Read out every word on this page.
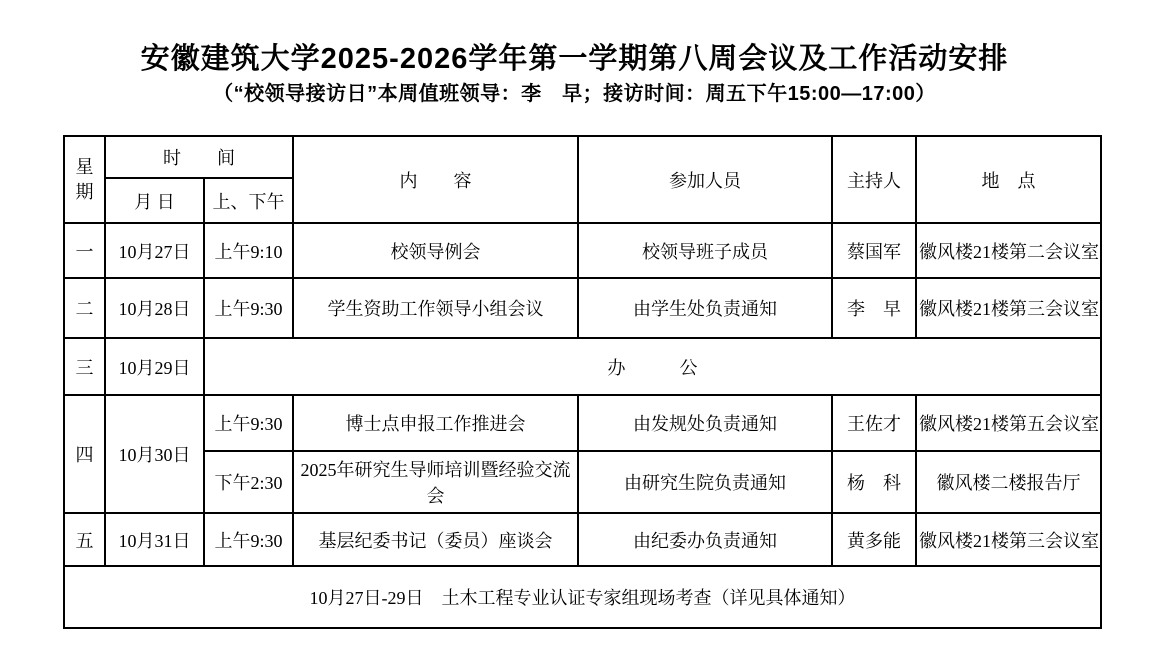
安徽建筑大学2025-2026学年第一学期第八周会议及工作活动安排
（“校领导接访日”本周值班领导：李　早；接访时间：周五下午15:00—17:00）
星期	时　　间		内　　容	参加人员	主持人	地　点
	月 日	上、下午				
一	10月27日	上午9:10	校领导例会	校领导班子成员	蔡国军	徽风楼21楼第二会议室
二	10月28日	上午9:30	学生资助工作领导小组会议	由学生处负责通知	李　早	徽风楼21楼第三会议室
三	10月29日	办　　　公				
四	10月30日	上午9:30	博士点申报工作推进会	由发规处负责通知	王佐才	徽风楼21楼第五会议室
		下午2:30	2025年研究生导师培训暨经验交流会	由研究生院负责通知	杨　科	徽风楼二楼报告厅
五	10月31日	上午9:30	基层纪委书记（委员）座谈会	由纪委办负责通知	黄多能	徽风楼21楼第三会议室
10月27日-29日　土木工程专业认证专家组现场考查（详见具体通知）						
